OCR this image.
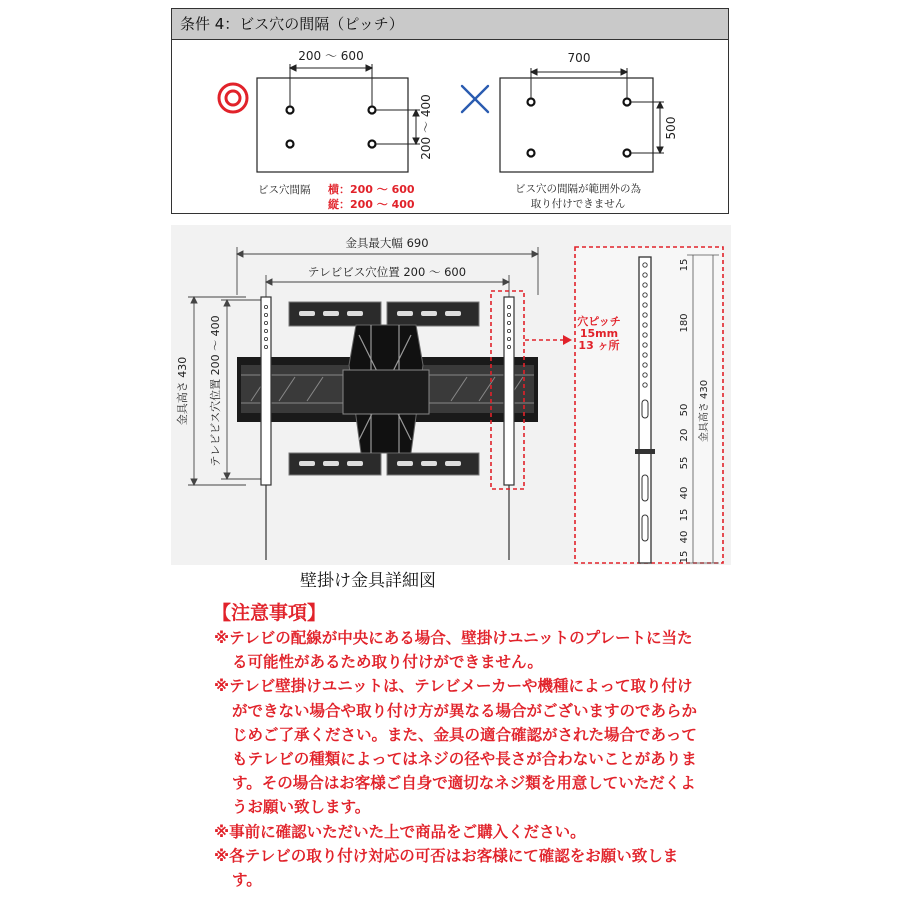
条件 4：ビス穴の間隔（ピッチ）
200 ～ 600
200 ～ 400
ビス穴間隔 横：200 ～ 600
縦：200 ～ 400
700
500
ビス穴の間隔が範囲外の為
取り付けできません
金具最大幅 690
テレビビス穴位置 200 ～ 600
金具高さ 430 テレビビス穴位置 200 ～ 400	穴ピッチ
15mm
13 ヶ所
15
180
50
20
55
40
15
40
15
金具高さ 430
壁掛け金具詳細図
【注意事項】
※テレビの配線が中央にある場合、壁掛けユニットのプレートに当たる可能性があるため取り付けができません。
※テレビ壁掛けユニットは、テレビメーカーや機種によって取り付けができない場合や取り付け方が異なる場合がございますのであらかじめご了承ください。また、金具の適合確認がされた場合であってもテレビの種類によってはネジの径や長さが合わないことがあります。その場合はお客様ご自身で適切なネジ類を用意していただくようお願い致します。
※事前に確認いただいた上で商品をご購入ください。
※各テレビの取り付け対応の可否はお客様にて確認をお願い致します。
